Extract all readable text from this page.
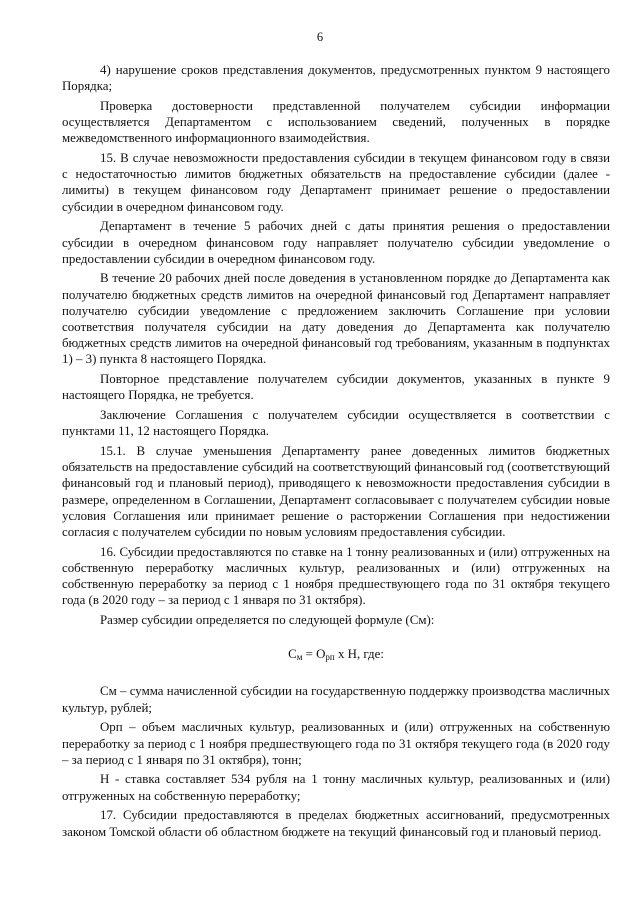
6

4) нарушение сроков представления документов, предусмотренных пунктом 9 настоящего Порядка;

Проверка достоверности представленной получателем субсидии информации осуществляется Департаментом с использованием сведений, полученных в порядке межведомственного информационного взаимодействия.

15. В случае невозможности предоставления субсидии в текущем финансовом году в связи с недостаточностью лимитов бюджетных обязательств на предоставление субсидии (далее - лимиты) в текущем финансовом году Департамент принимает решение о предоставлении субсидии в очередном финансовом году.

Департамент в течение 5 рабочих дней с даты принятия решения о предоставлении субсидии в очередном финансовом году направляет получателю субсидии уведомление о предоставлении субсидии в очередном финансовом году.

В течение 20 рабочих дней после доведения в установленном порядке до Департамента как получателю бюджетных средств лимитов на очередной финансовый год Департамент направляет получателю субсидии уведомление с предложением заключить Соглашение при условии соответствия получателя субсидии на дату доведения до Департамента как получателю бюджетных средств лимитов на очередной финансовый год требованиям, указанным в подпунктах 1) – 3) пункта 8 настоящего Порядка.

Повторное представление получателем субсидии документов, указанных в пункте 9 настоящего Порядка, не требуется.

Заключение Соглашения с получателем субсидии осуществляется в соответствии с пунктами 11, 12 настоящего Порядка.

15.1. В случае уменьшения Департаменту ранее доведенных лимитов бюджетных обязательств на предоставление субсидий на соответствующий финансовый год (соответствующий финансовый год и плановый период), приводящего к невозможности предоставления субсидии в размере, определенном в Соглашении, Департамент согласовывает с получателем субсидии новые условия Соглашения или принимает решение о расторжении Соглашения при недостижении согласия с получателем субсидии по новым условиям предоставления субсидии.

16. Субсидии предоставляются по ставке на 1 тонну реализованных и (или) отгруженных на собственную переработку масличных культур, реализованных и (или) отгруженных на собственную переработку за период с 1 ноября предшествующего года по 31 октября текущего года (в 2020 году – за период с 1 января по 31 октября).

Размер субсидии определяется по следующей формуле (Cм):

$C_м = O_{рп}$ x H, где:

Cм – сумма начисленной субсидии на государственную поддержку производства масличных культур, рублей;

Oрп – объем масличных культур, реализованных и (или) отгруженных на собственную переработку за период с 1 ноября предшествующего года по 31 октября текущего года (в 2020 году – за период с 1 января по 31 октября), тонн;

H - ставка составляет 534 рубля на 1 тонну масличных культур, реализованных и (или) отгруженных на собственную переработку;

17. Субсидии предоставляются в пределах бюджетных ассигнований, предусмотренных законом Томской области об областном бюджете на текущий финансовый год и плановый период.
